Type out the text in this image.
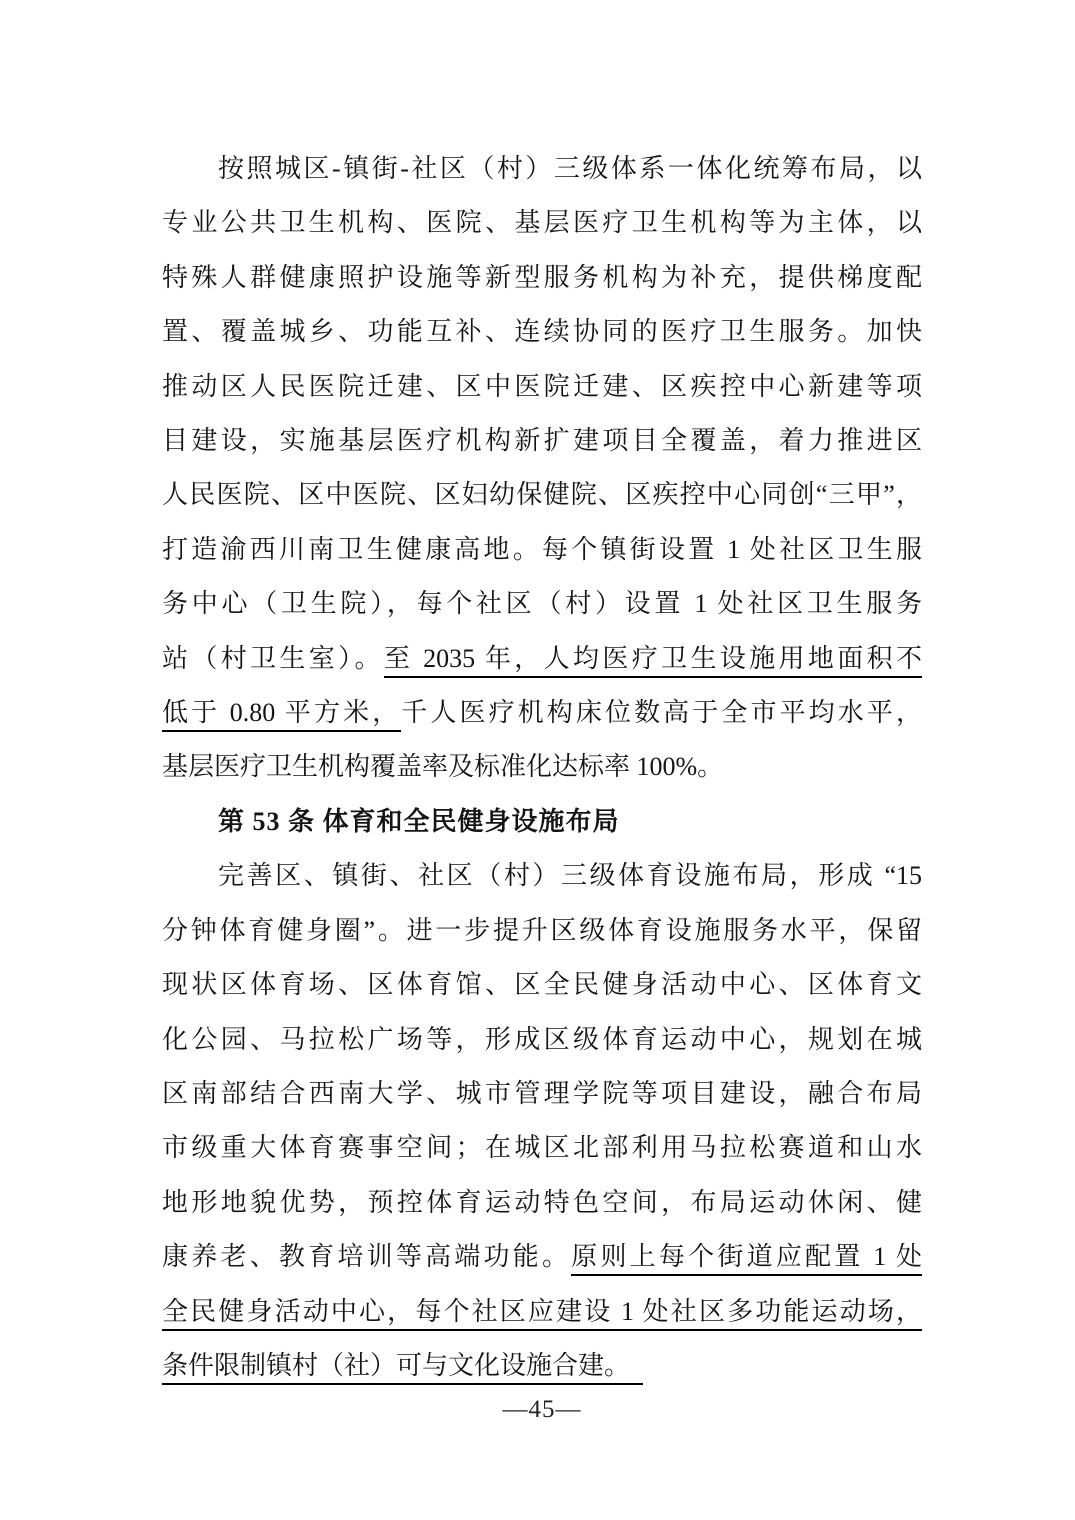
按照城区-镇街-社区（村）三级体系一体化统筹布局，以
专业公共卫生机构、医院、基层医疗卫生机构等为主体，以
特殊人群健康照护设施等新型服务机构为补充，提供梯度配
置、覆盖城乡、功能互补、连续协同的医疗卫生服务。加快
推动区人民医院迁建、区中医院迁建、区疾控中心新建等项
目建设，实施基层医疗机构新扩建项目全覆盖，着力推进区
人民医院、区中医院、区妇幼保健院、区疾控中心同创“三甲”，
打造渝西川南卫生健康高地。每个镇街设置 1 处社区卫生服
务中心（卫生院），每个社区（村）设置 1 处社区卫生服务
站（村卫生室）。至 2035 年，人均医疗卫生设施用地面积不
低于 0.80 平方米，千人医疗机构床位数高于全市平均水平，
基层医疗卫生机构覆盖率及标准化达标率 100%。
第 53 条 体育和全民健身设施布局
完善区、镇街、社区（村）三级体育设施布局，形成 “15
分钟体育健身圈”。进一步提升区级体育设施服务水平，保留
现状区体育场、区体育馆、区全民健身活动中心、区体育文
化公园、马拉松广场等，形成区级体育运动中心，规划在城
区南部结合西南大学、城市管理学院等项目建设，融合布局
市级重大体育赛事空间；在城区北部利用马拉松赛道和山水
地形地貌优势，预控体育运动特色空间，布局运动休闲、健
康养老、教育培训等高端功能。原则上每个街道应配置 1 处
全民健身活动中心，每个社区应建设 1 处社区多功能运动场，
条件限制镇村（社）可与文化设施合建。　
—45—
